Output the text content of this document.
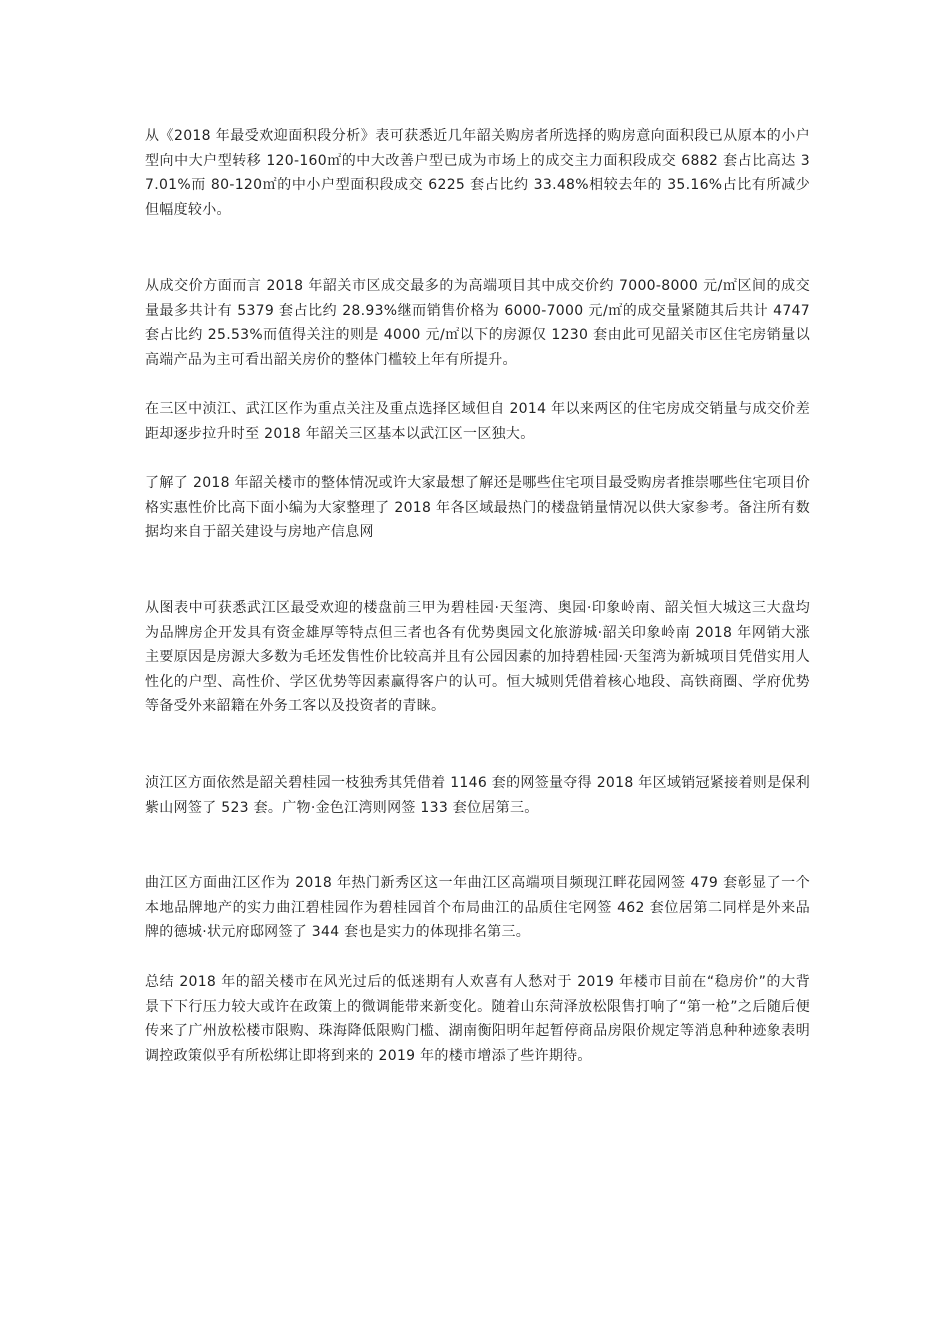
从《2018 年最受欢迎面积段分析》表可获悉近几年韶关购房者所选择的购房意向面积段已从原本的小户型向中大户型转移 120-160㎡的中大改善户型已成为市场上的成交主力面积段成交 6882 套占比高达 37.01%而 80-120㎡的中小户型面积段成交 6225 套占比约 33.48%相较去年的 35.16%占比有所减少但幅度较小。

从成交价方面而言 2018 年韶关市区成交最多的为高端项目其中成交价约 7000-8000 元/㎡区间的成交量最多共计有 5379 套占比约 28.93%继而销售价格为 6000-7000 元/㎡的成交量紧随其后共计 4747 套占比约 25.53%而值得关注的则是 4000 元/㎡以下的房源仅 1230 套由此可见韶关市区住宅房销量以高端产品为主可看出韶关房价的整体门槛较上年有所提升。

在三区中浈江、武江区作为重点关注及重点选择区域但自 2014 年以来两区的住宅房成交销量与成交价差距却逐步拉升时至 2018 年韶关三区基本以武江区一区独大。

了解了 2018 年韶关楼市的整体情况或许大家最想了解还是哪些住宅项目最受购房者推崇哪些住宅项目价格实惠性价比高下面小编为大家整理了 2018 年各区域最热门的楼盘销量情况以供大家参考。备注所有数据均来自于韶关建设与房地产信息网

从图表中可获悉武江区最受欢迎的楼盘前三甲为碧桂园·天玺湾、奥园·印象岭南、韶关恒大城这三大盘均为品牌房企开发具有资金雄厚等特点但三者也各有优势奥园文化旅游城·韶关印象岭南 2018 年网销大涨主要原因是房源大多数为毛坯发售性价比较高并且有公园因素的加持碧桂园·天玺湾为新城项目凭借实用人性化的户型、高性价、学区优势等因素赢得客户的认可。恒大城则凭借着核心地段、高铁商圈、学府优势等备受外来韶籍在外务工客以及投资者的青睐。

浈江区方面依然是韶关碧桂园一枝独秀其凭借着 1146 套的网签量夺得 2018 年区域销冠紧接着则是保利紫山网签了 523 套。广物·金色江湾则网签 133 套位居第三。

曲江区方面曲江区作为 2018 年热门新秀区这一年曲江区高端项目频现江畔花园网签 479 套彰显了一个本地品牌地产的实力曲江碧桂园作为碧桂园首个布局曲江的品质住宅网签 462 套位居第二同样是外来品牌的德城·状元府邸网签了 344 套也是实力的体现排名第三。

总结 2018 年的韶关楼市在风光过后的低迷期有人欢喜有人愁对于 2019 年楼市目前在“稳房价”的大背景下下行压力较大或许在政策上的微调能带来新变化。随着山东菏泽放松限售打响了“第一枪”之后随后便传来了广州放松楼市限购、珠海降低限购门槛、湖南衡阳明年起暂停商品房限价规定等消息种种迹象表明调控政策似乎有所松绑让即将到来的 2019 年的楼市增添了些许期待。
